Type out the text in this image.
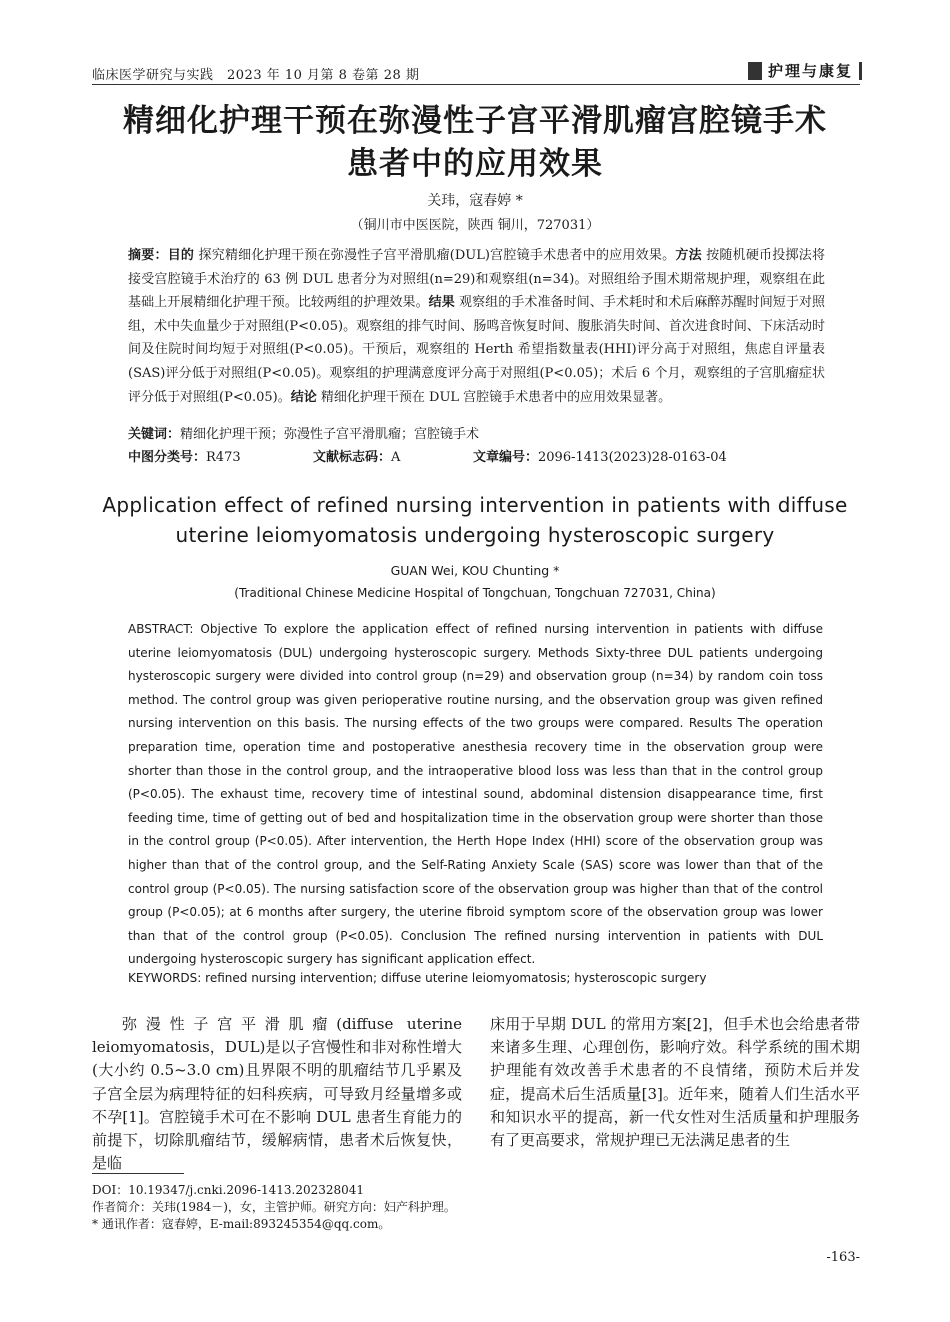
临床医学研究与实践　2023 年 10 月第 8 卷第 28 期	护理与康复
精细化护理干预在弥漫性子宫平滑肌瘤宫腔镜手术
患者中的应用效果
关玮，寇春婷 *
（铜川市中医医院，陕西 铜川，727031）
摘要：目的 探究精细化护理干预在弥漫性子宫平滑肌瘤(DUL)宫腔镜手术患者中的应用效果。方法 按随机硬币投掷法将接受宫腔镜手术治疗的 63 例 DUL 患者分为对照组(n=29)和观察组(n=34)。对照组给予围术期常规护理，观察组在此基础上开展精细化护理干预。比较两组的护理效果。结果 观察组的手术准备时间、手术耗时和术后麻醉苏醒时间短于对照组，术中失血量少于对照组(P<0.05)。观察组的排气时间、肠鸣音恢复时间、腹胀消失时间、首次进食时间、下床活动时间及住院时间均短于对照组(P<0.05)。干预后，观察组的 Herth 希望指数量表(HHI)评分高于对照组，焦虑自评量表(SAS)评分低于对照组(P<0.05)。观察组的护理满意度评分高于对照组(P<0.05)；术后 6 个月，观察组的子宫肌瘤症状评分低于对照组(P<0.05)。结论 精细化护理干预在 DUL 宫腔镜手术患者中的应用效果显著。
关键词：精细化护理干预；弥漫性子宫平滑肌瘤；宫腔镜手术
中图分类号：R473	文献标志码：A	文章编号：2096-1413(2023)28-0163-04
Application effect of refined nursing intervention in patients with diffuse
uterine leiomyomatosis undergoing hysteroscopic surgery
GUAN Wei, KOU Chunting *
(Traditional Chinese Medicine Hospital of Tongchuan, Tongchuan 727031, China)
ABSTRACT: Objective To explore the application effect of refined nursing intervention in patients with diffuse uterine leiomyomatosis (DUL) undergoing hysteroscopic surgery. Methods Sixty-three DUL patients undergoing hysteroscopic surgery were divided into control group (n=29) and observation group (n=34) by random coin toss method. The control group was given perioperative routine nursing, and the observation group was given refined nursing intervention on this basis. The nursing effects of the two groups were compared. Results The operation preparation time, operation time and postoperative anesthesia recovery time in the observation group were shorter than those in the control group, and the intraoperative blood loss was less than that in the control group (P<0.05). The exhaust time, recovery time of intestinal sound, abdominal distension disappearance time, first feeding time, time of getting out of bed and hospitalization time in the observation group were shorter than those in the control group (P<0.05). After intervention, the Herth Hope Index (HHI) score of the observation group was higher than that of the control group, and the Self-Rating Anxiety Scale (SAS) score was lower than that of the control group (P<0.05). The nursing satisfaction score of the observation group was higher than that of the control group (P<0.05); at 6 months after surgery, the uterine fibroid symptom score of the observation group was lower than that of the control group (P<0.05). Conclusion The refined nursing intervention in patients with DUL undergoing hysteroscopic surgery has significant application effect.
KEYWORDS: refined nursing intervention; diffuse uterine leiomyomatosis; hysteroscopic surgery
弥漫性子宫平滑肌瘤(diffuse uterine leiomyomatosis，DUL)是以子宫慢性和非对称性增大(大小约 0.5~3.0 cm)且界限不明的肌瘤结节几乎累及子宫全层为病理特征的妇科疾病，可导致月经量增多或不孕[1]。宫腔镜手术可在不影响 DUL 患者生育能力的前提下，切除肌瘤结节，缓解病情，患者术后恢复快，是临
床用于早期 DUL 的常用方案[2]，但手术也会给患者带来诸多生理、心理创伤，影响疗效。科学系统的围术期护理能有效改善手术患者的不良情绪，预防术后并发症，提高术后生活质量[3]。近年来，随着人们生活水平和知识水平的提高，新一代女性对生活质量和护理服务有了更高要求，常规护理已无法满足患者的生
DOI：10.19347/j.cnki.2096-1413.202328041
作者简介：关玮(1984－)，女，主管护师。研究方向：妇产科护理。
* 通讯作者：寇春婷，E-mail:893245354@qq.com。
-163-
